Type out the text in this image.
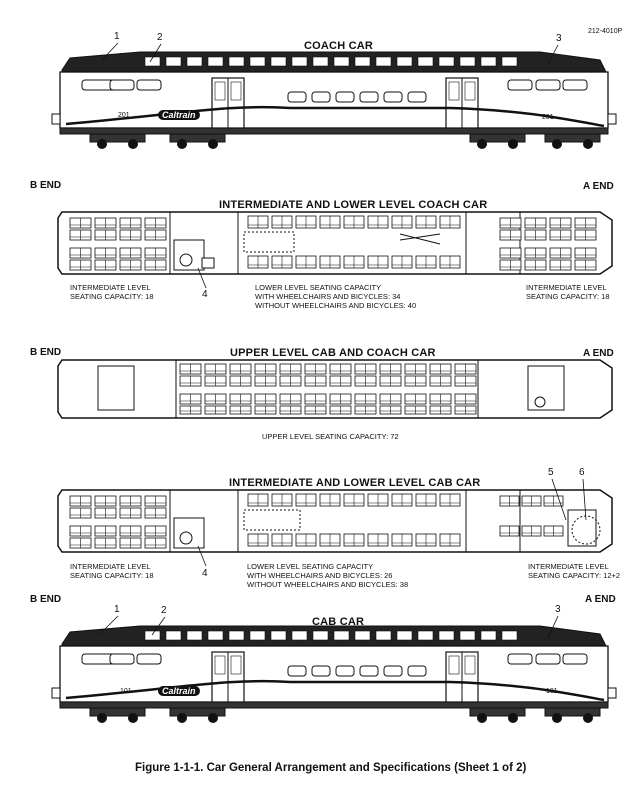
212-4010P
COACH CAR
1	2	3
201	201
Caltrain
B END	A END
INTERMEDIATE AND LOWER LEVEL COACH CAR
4
INTERMEDIATE LEVEL
SEATING CAPACITY: 18
LOWER LEVEL SEATING CAPACITY
WITH WHEELCHAIRS AND BICYCLES: 34
WITHOUT WHEELCHAIRS AND BICYCLES: 40
INTERMEDIATE LEVEL
SEATING CAPACITY: 18
B END	A END
UPPER LEVEL CAB AND COACH CAR
UPPER LEVEL SEATING CAPACITY: 72
INTERMEDIATE AND LOWER LEVEL CAB CAR
4
5	6
INTERMEDIATE LEVEL
SEATING CAPACITY: 18
LOWER LEVEL SEATING CAPACITY
WITH WHEELCHAIRS AND BICYCLES: 26
WITHOUT WHEELCHAIRS AND BICYCLES: 38
INTERMEDIATE LEVEL
SEATING CAPACITY: 12+2
B END	A END
CAB CAR
1	2	3
101	101
Caltrain
Figure 1-1-1. Car General Arrangement and Specifications (Sheet 1 of 2)
